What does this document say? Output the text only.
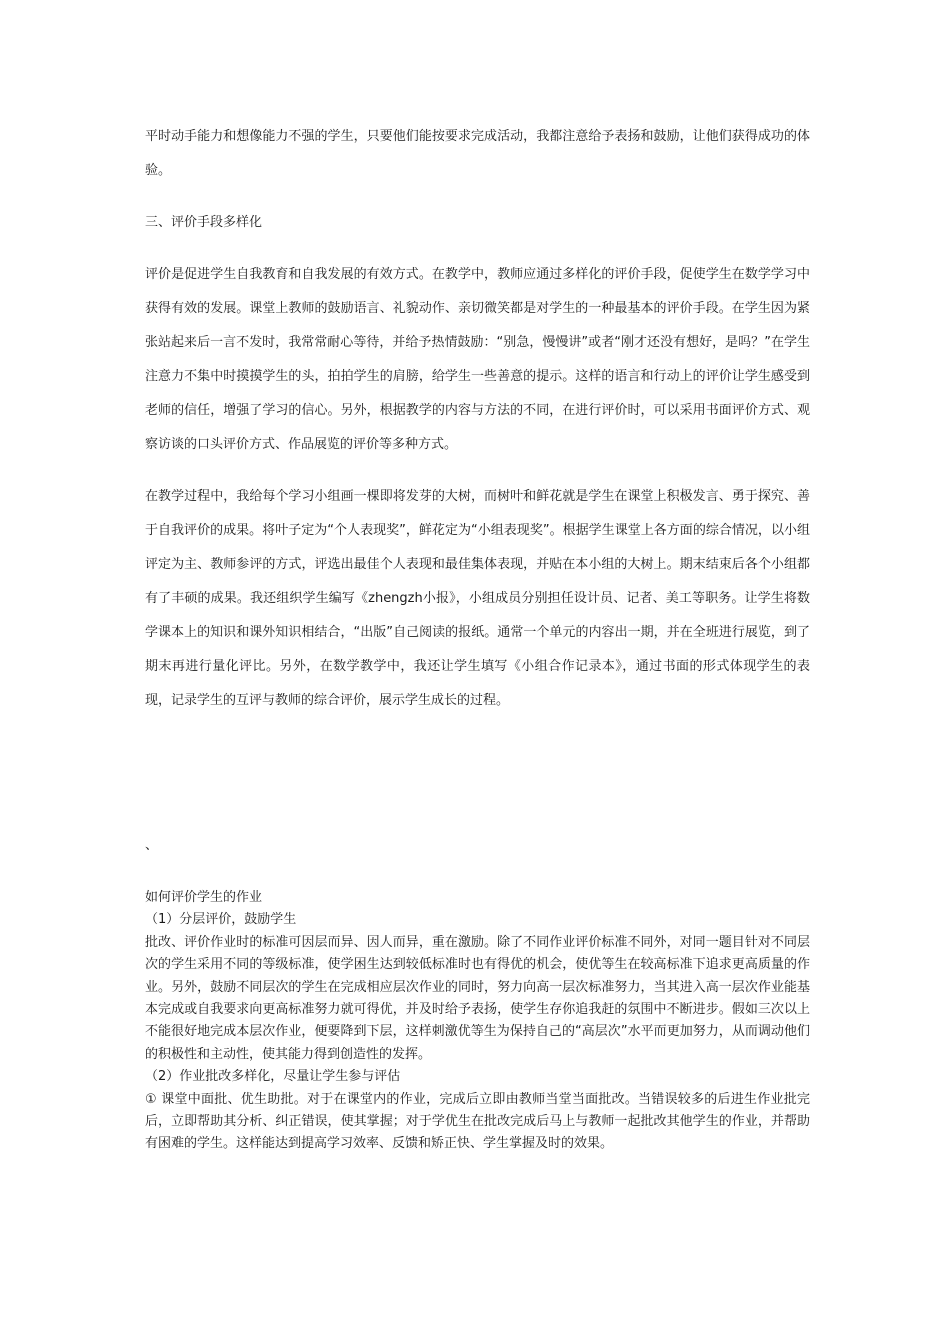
平时动手能力和想像能力不强的学生，只要他们能按要求完成活动，我都注意给予表扬和鼓励，让他们获得成功的体验。

三、评价手段多样化

评价是促进学生自我教育和自我发展的有效方式。在教学中，教师应通过多样化的评价手段，促使学生在数学学习中获得有效的发展。课堂上教师的鼓励语言、礼貌动作、亲切微笑都是对学生的一种最基本的评价手段。在学生因为紧张站起来后一言不发时，我常常耐心等待，并给予热情鼓励：“别急，慢慢讲”或者“刚才还没有想好，是吗？”在学生注意力不集中时摸摸学生的头，拍拍学生的肩膀，给学生一些善意的提示。这样的语言和行动上的评价让学生感受到老师的信任，增强了学习的信心。另外，根据教学的内容与方法的不同，在进行评价时，可以采用书面评价方式、观察访谈的口头评价方式、作品展览的评价等多种方式。

在教学过程中，我给每个学习小组画一棵即将发芽的大树，而树叶和鲜花就是学生在课堂上积极发言、勇于探究、善于自我评价的成果。将叶子定为“个人表现奖”，鲜花定为“小组表现奖”。根据学生课堂上各方面的综合情况，以小组评定为主、教师参评的方式，评选出最佳个人表现和最佳集体表现，并贴在本小组的大树上。期末结束后各个小组都有了丰硕的成果。我还组织学生编写《zhengzh小报》，小组成员分别担任设计员、记者、美工等职务。让学生将数学课本上的知识和课外知识相结合，“出版”自己阅读的报纸。通常一个单元的内容出一期，并在全班进行展览，到了期末再进行量化评比。另外，在数学教学中，我还让学生填写《小组合作记录本》，通过书面的形式体现学生的表现，记录学生的互评与教师的综合评价，展示学生成长的过程。

、

如何评价学生的作业

（1）分层评价，鼓励学生

批改、评价作业时的标准可因层而异、因人而异，重在激励。除了不同作业评价标准不同外，对同一题目针对不同层次的学生采用不同的等级标准，使学困生达到较低标准时也有得优的机会，使优等生在较高标准下追求更高质量的作业。另外，鼓励不同层次的学生在完成相应层次作业的同时，努力向高一层次标准努力，当其进入高一层次作业能基本完成或自我要求向更高标准努力就可得优，并及时给予表扬，使学生存你追我赶的氛围中不断进步。假如三次以上不能很好地完成本层次作业，便要降到下层，这样刺激优等生为保持自己的“高层次”水平而更加努力，从而调动他们的积极性和主动性，使其能力得到创造性的发挥。

（2）作业批改多样化，尽量让学生参与评估

① 课堂中面批、优生助批。对于在课堂内的作业，完成后立即由教师当堂当面批改。当错误较多的后进生作业批完后，立即帮助其分析、纠正错误，使其掌握；对于学优生在批改完成后马上与教师一起批改其他学生的作业，并帮助有困难的学生。这样能达到提高学习效率、反馈和矫正快、学生掌握及时的效果。
